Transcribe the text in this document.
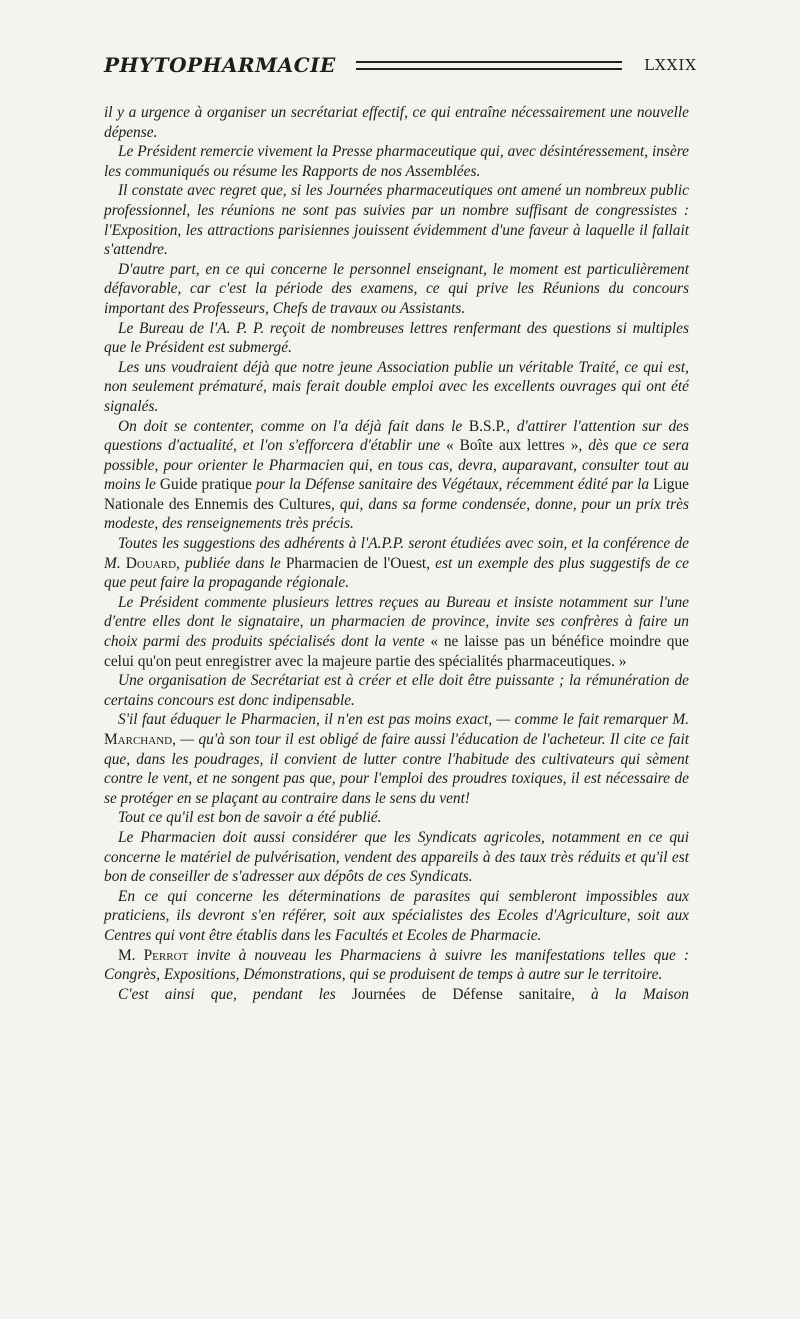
PHYTOPHARMACIE	LXXIX

il y a urgence à organiser un secrétariat effectif, ce qui entraîne nécessairement une nouvelle dépense.

Le Président remercie vivement la Presse pharmaceutique qui, avec désintéressement, insère les communiqués ou résume les Rapports de nos Assemblées.

Il constate avec regret que, si les Journées pharmaceutiques ont amené un nombreux public professionnel, les réunions ne sont pas suivies par un nombre suffisant de congressistes : l'Exposition, les attractions parisiennes jouissent évidemment d'une faveur à laquelle il fallait s'attendre.

D'autre part, en ce qui concerne le personnel enseignant, le moment est particulièrement défavorable, car c'est la période des examens, ce qui prive les Réunions du concours important des Professeurs, Chefs de travaux ou Assistants.

Le Bureau de l'A. P. P. reçoit de nombreuses lettres renfermant des questions si multiples que le Président est submergé.

Les uns voudraient déjà que notre jeune Association publie un véritable Traité, ce qui est, non seulement prématuré, mais ferait double emploi avec les excellents ouvrages qui ont été signalés.

On doit se contenter, comme on l'a déjà fait dans le B.S.P., d'attirer l'attention sur des questions d'actualité, et l'on s'efforcera d'établir une « Boîte aux lettres », dès que ce sera possible, pour orienter le Pharmacien qui, en tous cas, devra, auparavant, consulter tout au moins le Guide pratique pour la Défense sanitaire des Végétaux, récemment édité par la Ligue Nationale des Ennemis des Cultures, qui, dans sa forme condensée, donne, pour un prix très modeste, des renseignements très précis.

Toutes les suggestions des adhérents à l'A.P.P. seront étudiées avec soin, et la conférence de M. Douard, publiée dans le Pharmacien de l'Ouest, est un exemple des plus suggestifs de ce que peut faire la propagande régionale.

Le Président commente plusieurs lettres reçues au Bureau et insiste notamment sur l'une d'entre elles dont le signataire, un pharmacien de province, invite ses confrères à faire un choix parmi des produits spécialisés dont la vente « ne laisse pas un bénéfice moindre que celui qu'on peut enregistrer avec la majeure partie des spécialités pharmaceutiques. »

Une organisation de Secrétariat est à créer et elle doit être puissante ; la rémunération de certains concours est donc indipensable.

S'il faut éduquer le Pharmacien, il n'en est pas moins exact, — comme le fait remarquer M. Marchand, — qu'à son tour il est obligé de faire aussi l'éducation de l'acheteur. Il cite ce fait que, dans les poudrages, il convient de lutter contre l'habitude des cultivateurs qui sèment contre le vent, et ne songent pas que, pour l'emploi des proudres toxiques, il est nécessaire de se protéger en se plaçant au contraire dans le sens du vent!

Tout ce qu'il est bon de savoir a été publié.

Le Pharmacien doit aussi considérer que les Syndicats agricoles, notamment en ce qui concerne le matériel de pulvérisation, vendent des appareils à des taux très réduits et qu'il est bon de conseiller de s'adresser aux dépôts de ces Syndicats.

En ce qui concerne les déterminations de parasites qui sembleront impossibles aux praticiens, ils devront s'en référer, soit aux spécialistes des Ecoles d'Agriculture, soit aux Centres qui vont être établis dans les Facultés et Ecoles de Pharmacie.

M. Perrot invite à nouveau les Pharmaciens à suivre les manifestations telles que : Congrès, Expositions, Démonstrations, qui se produisent de temps à autre sur le territoire.

C'est ainsi que, pendant les Journées de Défense sanitaire, à la Maison
